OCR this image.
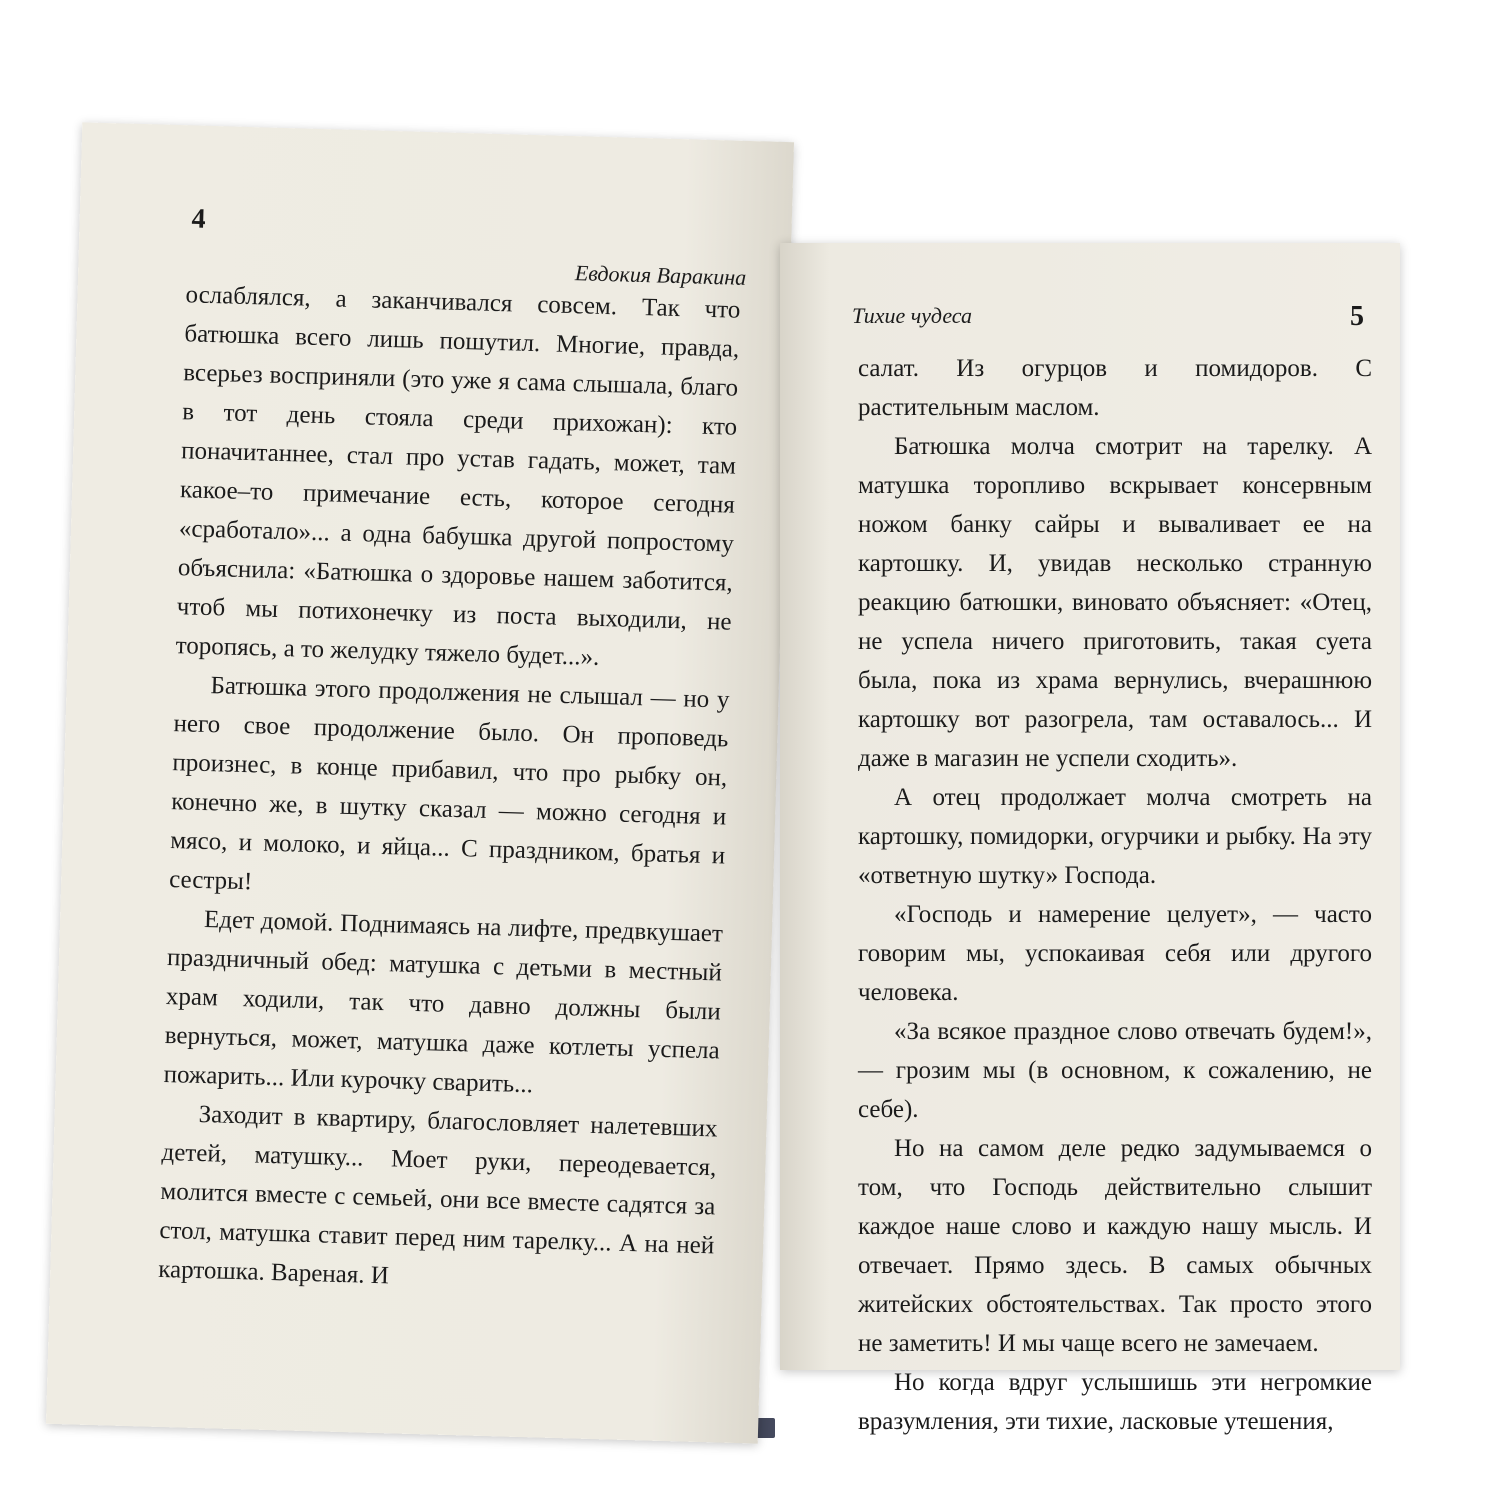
4
Евдокия Варакина

ослаблялся, а заканчивался совсем. Так что батюшка всего лишь пошутил. Многие, правда, всерьез восприняли (это уже я сама слышала, благо в тот день стояла среди прихожан): кто поначитаннее, стал про устав гадать, может, там какое–то примечание есть, которое сегодня «сработало»... а одна бабушка другой попростому объяснила: «Батюшка о здоровье нашем заботится, чтоб мы потихонечку из поста выходили, не торопясь, а то желудку тяжело будет...».

Батюшка этого продолжения не слышал — но у него свое продолжение было. Он проповедь произнес, в конце прибавил, что про рыбку он, конечно же, в шутку сказал — можно сегодня и мясо, и молоко, и яйца... С праздником, братья и сестры!

Едет домой. Поднимаясь на лифте, предвкушает праздничный обед: матушка с детьми в местный храм ходили, так что давно должны были вернуться, может, матушка даже котлеты успела пожарить... Или курочку сварить...

Заходит в квартиру, благословляет налетевших детей, матушку... Моет руки, переодевается, молится вместе с семьей, они все вместе садятся за стол, матушка ставит перед ним тарелку... А на ней картошка. Вареная. И

Тихие чудеса	5

салат. Из огурцов и помидоров. С растительным маслом.

Батюшка молча смотрит на тарелку. А матушка торопливо вскрывает консервным ножом банку сайры и вываливает ее на картошку. И, увидав несколько странную реакцию батюшки, виновато объясняет: «Отец, не успела ничего приготовить, такая суета была, пока из храма вернулись, вчерашнюю картошку вот разогрела, там оставалось... И даже в магазин не успели сходить».

А отец продолжает молча смотреть на картошку, помидорки, огурчики и рыбку. На эту «ответную шутку» Господа.

«Господь и намерение целует», — часто говорим мы, успокаивая себя или другого человека.

«За всякое праздное слово отвечать будем!», — грозим мы (в основном, к сожалению, не себе).

Но на самом деле редко задумываемся о том, что Господь действительно слышит каждое наше слово и каждую нашу мысль. И отвечает. Прямо здесь. В самых обычных житейских обстоятельствах. Так просто этого не заметить! И мы чаще всего не замечаем.

Но когда вдруг услышишь эти негромкие вразумления, эти тихие, ласковые утешения,
